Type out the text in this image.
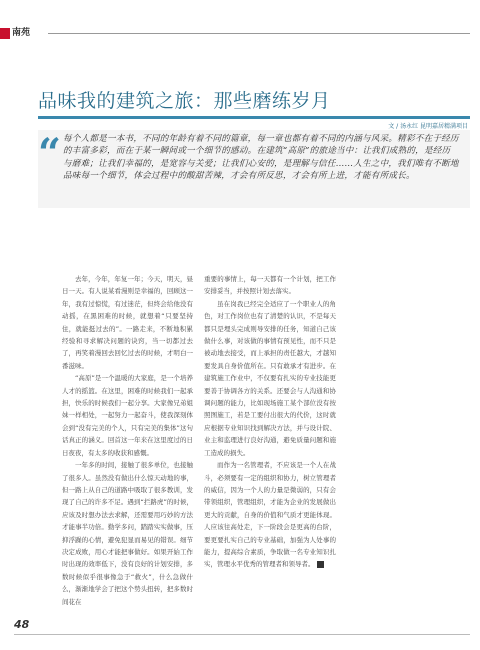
南苑
品味我的建筑之旅：那些磨练岁月
文 / 汤永红 昆明嘉居精满项目
“ 每个人都是一本书，不同的年龄有着不同的篇章，每一章也都有着不同的内涵与风采。精彩不在于经历的丰富多彩，而在于某一瞬间或一个细节的感动。在建筑“高原”的旅途当中：让我们成熟的，是经历与磨难；让我们幸福的，是宽容与关爱；让我们心安的，是理解与信任……人生之中，我们唯有不断地品味每一个细节，体会过程中的酸甜苦辣，才会有所反思，才会有所上进，才能有所成长。

去年，今年，年复一年；今天，明天，昼日一天。有人说某看漫则是幸福的，回顾这一年，我有过惊慌，有过迷茫，但终会给他没有动摇，在黑困难的时候，就想着“只要坚持住，就能挺过去的”。一路走来，不断地积累经验和寻求解决问题的诀窍，当一切都过去了，再笑着漫回去回忆过去的时候，才明白一番滋味。

“高原”是一个温暖的大家庭，是一个培养人才的摇篮。在这里，困难的时候我们一起承担，快乐的时候我们一起分享。大家像兄弟姐妹一样相处，一起努力一起奋斗，使我深刻体会到“没有完美的个人，只有完美的集体”这句话真正的涵义。回首这一年来在这里度过的日日夜夜，有太多的收获和感慨。

一年多的时间，接触了很多单位，也接触了很多人。虽然没有做出什么惊天动地的事，但一路上从自己的道路中吸取了很多教训，发现了自己的许多不足。遇到“拦路虎”的时候，应该及时想办法去求解，还需要用巧妙的方法才能事半功倍。勤学多问，踏踏实实做事，压抑浮躁的心情，避免犯显而易见的错误。细节决定成败，用心才能把事做好。如果开始工作时出现的效率低下，没有良好的计划安排，多数时候似乎很事像急于“救火”，什么急做什么，渐渐地学会了把这个势头扭转，把多数时间花在

重要的事情上，每一天都有一个计划，把工作安排妥当，并按照计划去落实。

虽在岗我已经完全适应了一个职业人的角色，对工作岗位也有了清楚的认识，不是每天都只是埋头完成则导安排的任务，知道自己该做什么事，对该做的事情有预见性，而不只是被动地去接受，而上承担的责任越大，才越知要发具自身价值所在。只有敢承才有进步。在建筑施工作业中，不仅要有扎实的专业技能更要善于协调各方的关系。还要会与人沟通和协调问题的能力，比如现场施工某个部位没有按照图施工，若是工要付出很大的代价，这时就应根据专业知识找到解决方法，并与设计院、业主和监理进行良好沟通，避免质量问题和施工造成的损失。

而作为一名管理者，不应该是一个人在战斗，必须要有一定的组织和协力，树立管理者的威信，因为一个人的力量是微弱的，只有会带领组织，管理组织，才能为企业的发展做出更大的贡献，自身的价值和气质才更能体现。人应该往高处走，下一阶段会是更高的台阶，要更要扎实自己的专业基础，加强为人处事的能力，提高综合素质，争取做一名专业知识扎实，管理水平优秀的管理者和领导者。	4

48
